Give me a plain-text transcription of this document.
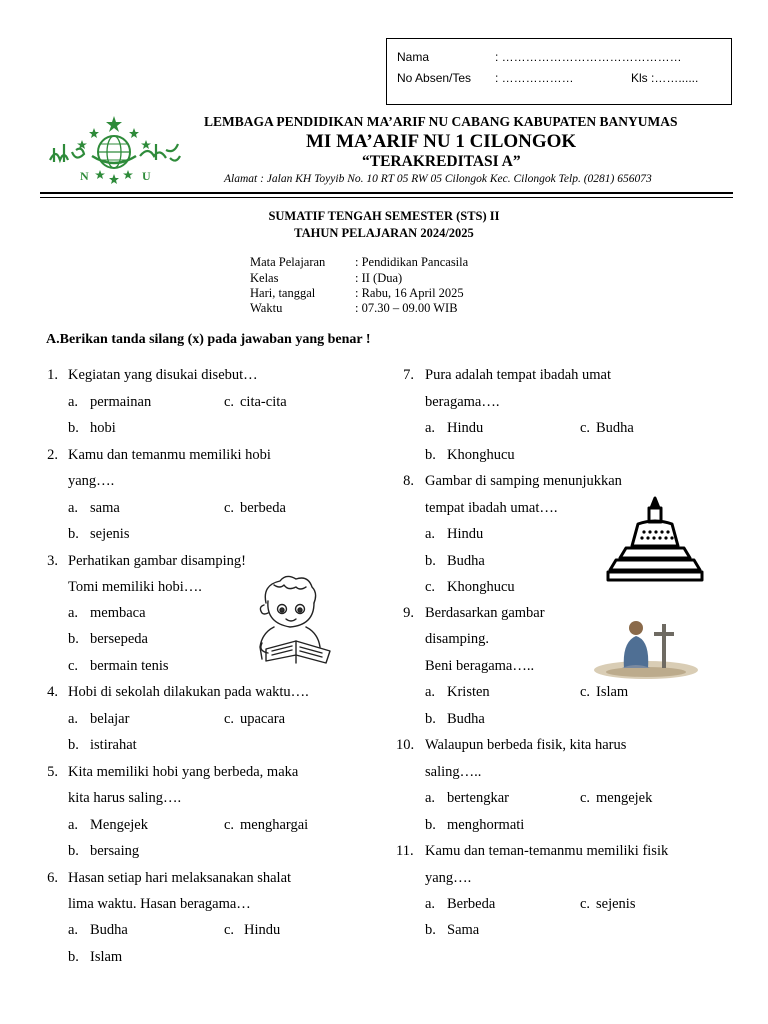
Nama	: ………………………………………
No Absen/Tes : ………………	Kls :……......
N	U
LEMBAGA PENDIDIKAN MA’ARIF NU CABANG KABUPATEN BANYUMAS
MI MA’ARIF NU 1 CILONGOK
“TERAKREDITASI A”
Alamat : Jalan KH Toyyib No. 10 RT 05 RW 05 Cilongok Kec. Cilongok Telp. (0281) 656073
SUMATIF TENGAH SEMESTER (STS) II
TAHUN PELAJARAN 2024/2025
Mata Pelajaran : Pendidikan Pancasila
Kelas	: II (Dua)
Hari, tanggal	: Rabu, 16 April 2025
Waktu	: 07.30 – 09.00 WIB
A.Berikan tanda silang (x) pada jawaban yang benar !
1. Kegiatan yang disukai disebut…
a. permainan
b. hobi
c. cita-cita
2. Kamu dan temanmu memiliki hobi
yang….
a. sama
b. sejenis
c. berbeda
3. Perhatikan gambar disamping!
Tomi memiliki hobi….
a. membaca
b. bersepeda
c. bermain tenis
4. Hobi di sekolah dilakukan pada waktu….
a. belajar
b. istirahat
c. upacara
5. Kita memiliki hobi yang berbeda, maka
kita harus saling….
a. Mengejek
b. bersaing
c. menghargai
6. Hasan setiap hari melaksanakan shalat
lima waktu. Hasan beragama…
a. Budha
b. Islam
c. Hindu
7. Pura adalah tempat ibadah umat
beragama….
a. Hindu
b. Khonghucu
c. Budha
8. Gambar di samping menunjukkan
tempat ibadah umat….
a. Hindu
b. Budha
c. Khonghucu
9. Berdasarkan gambar
disamping.
Beni beragama…..
a. Kristen
b. Budha
c. Islam
10. Walaupun berbeda fisik, kita harus
saling…..
a. bertengkar
b. menghormati
c. mengejek
11. Kamu dan teman-temanmu memiliki fisik
yang….
a. Berbeda
b. Sama
c. sejenis
